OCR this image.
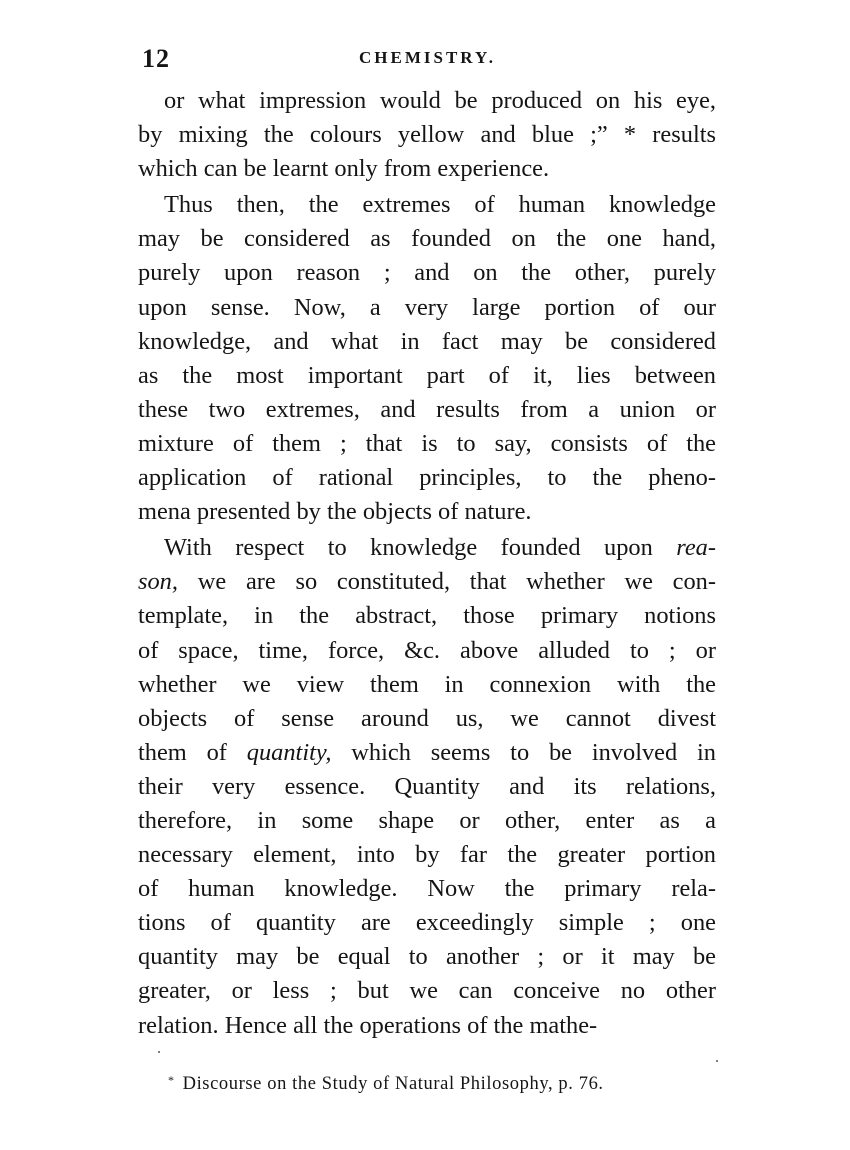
12	CHEMISTRY.

or what impression would be produced on his eye,
by mixing the colours yellow and blue ;” * results
which can be learnt only from experience.

Thus then, the extremes of human knowledge
may be considered as founded on the one hand,
purely upon reason ; and on the other, purely
upon sense. Now, a very large portion of our
knowledge, and what in fact may be considered
as the most important part of it, lies between
these two extremes, and results from a union or
mixture of them ; that is to say, consists of the
application of rational principles, to the pheno-
mena presented by the objects of nature.

With respect to knowledge founded upon rea-
son, we are so constituted, that whether we con-
template, in the abstract, those primary notions
of space, time, force, &c. above alluded to ; or
whether we view them in connexion with the
objects of sense around us, we cannot divest
them of quantity, which seems to be involved in
their very essence. Quantity and its relations,
therefore, in some shape or other, enter as a
necessary element, into by far the greater portion
of human knowledge. Now the primary rela-
tions of quantity are exceedingly simple ; one
quantity may be equal to another ; or it may be
greater, or less ; but we can conceive no other
relation. Hence all the operations of the mathe-

* Discourse on the Study of Natural Philosophy, p. 76.
